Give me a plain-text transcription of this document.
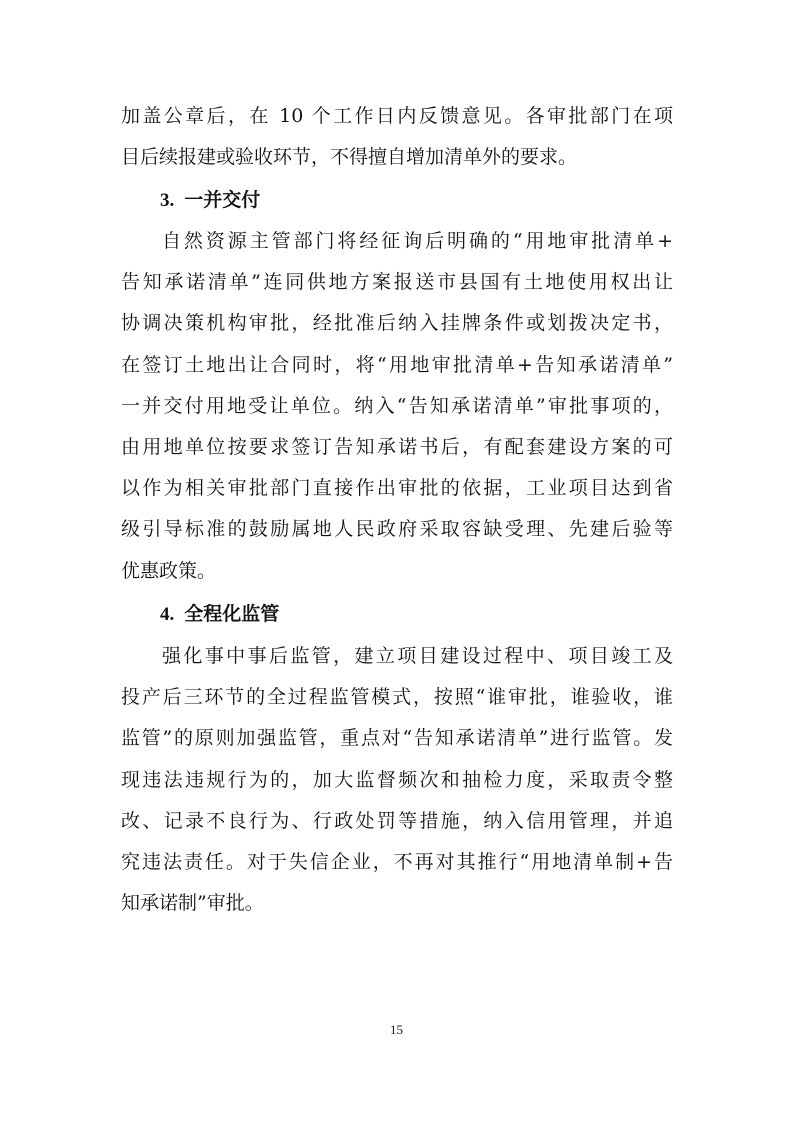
加盖公章后，在 10 个工作日内反馈意见。各审批部门在项
目后续报建或验收环节，不得擅自增加清单外的要求。
3. 一并交付
自然资源主管部门将经征询后明确的“用地审批清单+
告知承诺清单”连同供地方案报送市县国有土地使用权出让
协调决策机构审批，经批准后纳入挂牌条件或划拨决定书，
在签订土地出让合同时，将“用地审批清单+告知承诺清单”
一并交付用地受让单位。纳入“告知承诺清单”审批事项的，
由用地单位按要求签订告知承诺书后，有配套建设方案的可
以作为相关审批部门直接作出审批的依据，工业项目达到省
级引导标准的鼓励属地人民政府采取容缺受理、先建后验等
优惠政策。
4. 全程化监管
强化事中事后监管，建立项目建设过程中、项目竣工及
投产后三环节的全过程监管模式，按照“谁审批，谁验收，谁
监管”的原则加强监管，重点对“告知承诺清单”进行监管。发
现违法违规行为的，加大监督频次和抽检力度，采取责令整
改、记录不良行为、行政处罚等措施，纳入信用管理，并追
究违法责任。对于失信企业，不再对其推行“用地清单制+告
知承诺制”审批。
15
